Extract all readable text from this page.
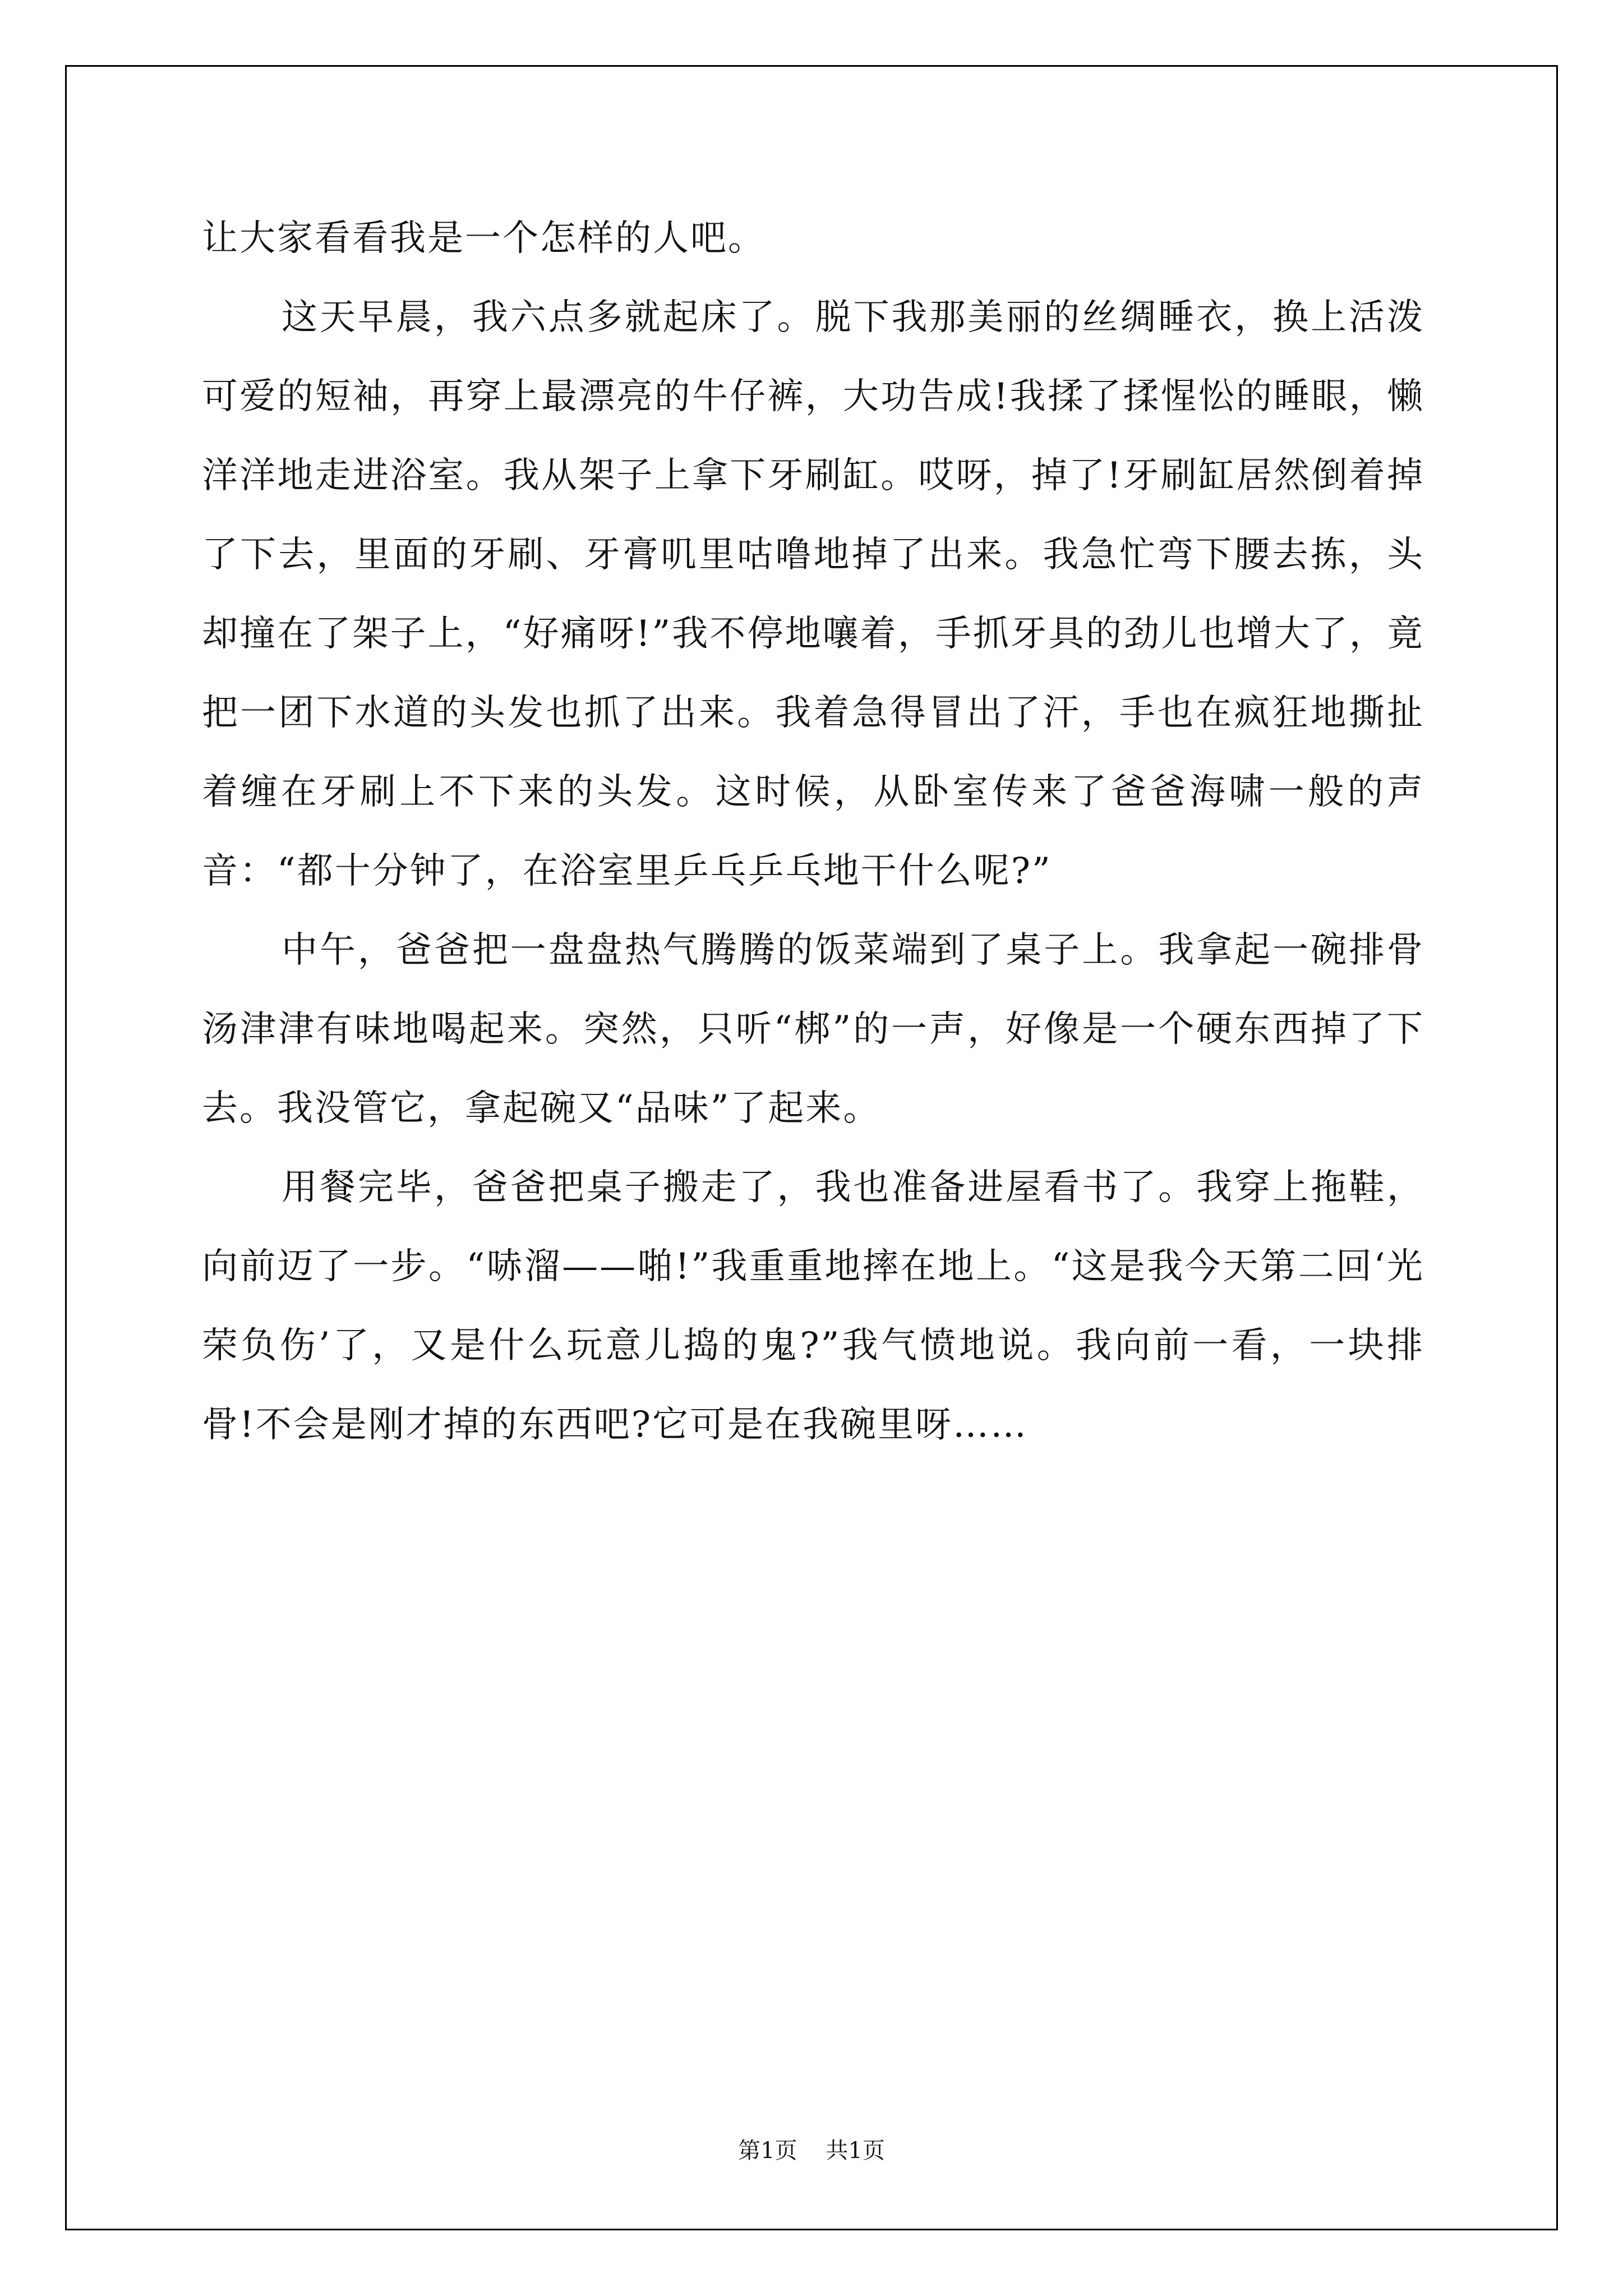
让大家看看我是一个怎样的人吧。

这天早晨，我六点多就起床了。脱下我那美丽的丝绸睡衣，换上活泼可爱的短袖，再穿上最漂亮的牛仔裤，大功告成!我揉了揉惺忪的睡眼，懒洋洋地走进浴室。我从架子上拿下牙刷缸。哎呀，掉了!牙刷缸居然倒着掉了下去，里面的牙刷、牙膏叽里咕噜地掉了出来。我急忙弯下腰去拣，头却撞在了架子上，“好痛呀!”我不停地嚷着，手抓牙具的劲儿也增大了，竟把一团下水道的头发也抓了出来。我着急得冒出了汗，手也在疯狂地撕扯着缠在牙刷上不下来的头发。这时候，从卧室传来了爸爸海啸一般的声音：“都十分钟了，在浴室里乒乓乒乓地干什么呢?”

中午，爸爸把一盘盘热气腾腾的饭菜端到了桌子上。我拿起一碗排骨汤津津有味地喝起来。突然，只听“梆”的一声，好像是一个硬东西掉了下去。我没管它，拿起碗又“品味”了起来。

用餐完毕，爸爸把桌子搬走了，我也准备进屋看书了。我穿上拖鞋，向前迈了一步。“哧溜——啪!”我重重地摔在地上。“这是我今天第二回‘光荣负伤’了，又是什么玩意儿捣的鬼?”我气愤地说。我向前一看，一块排骨!不会是刚才掉的东西吧?它可是在我碗里呀……

第1页    共1页
